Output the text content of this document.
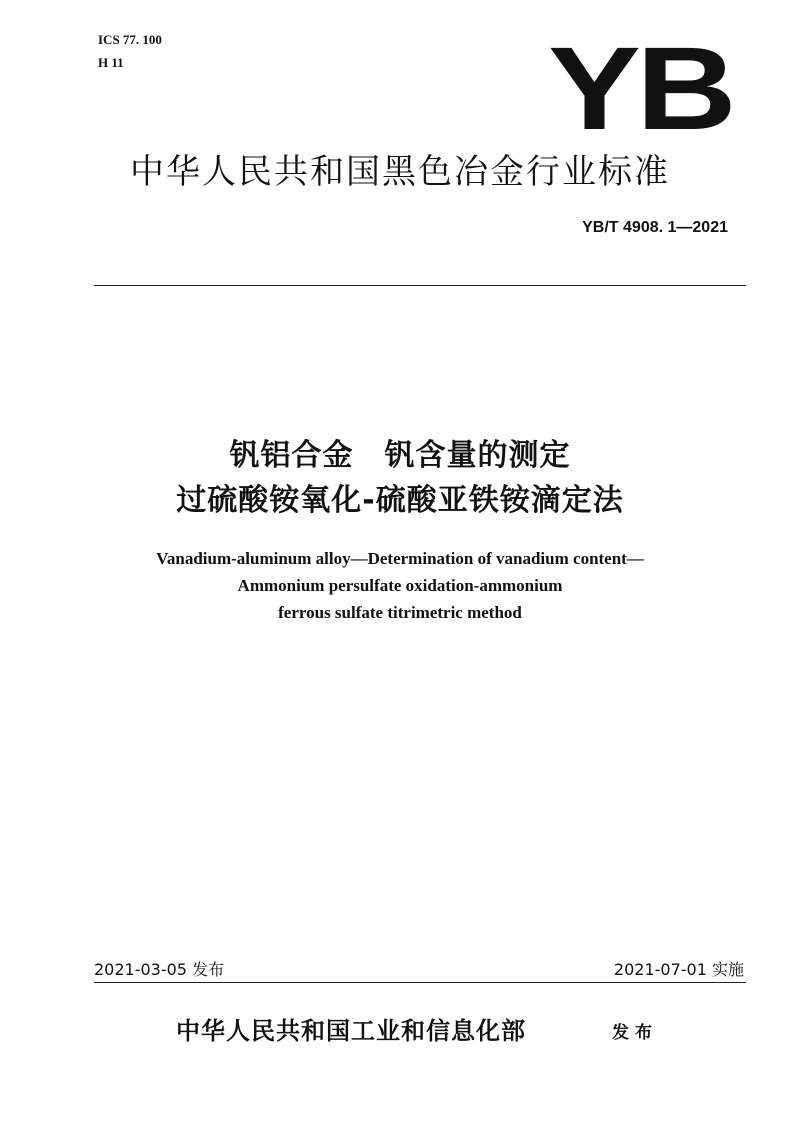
ICS 77. 100
H 11	YB
中华人民共和国黑色冶金行业标准
YB/T 4908. 1—2021
钒铝合金　钒含量的测定
过硫酸铵氧化-硫酸亚铁铵滴定法
Vanadium-aluminum alloy—Determination of vanadium content—
Ammonium persulfate oxidation-ammonium
ferrous sulfate titrimetric method
2021-03-05 发布	2021-07-01 实施
中华人民共和国工业和信息化部	发布
